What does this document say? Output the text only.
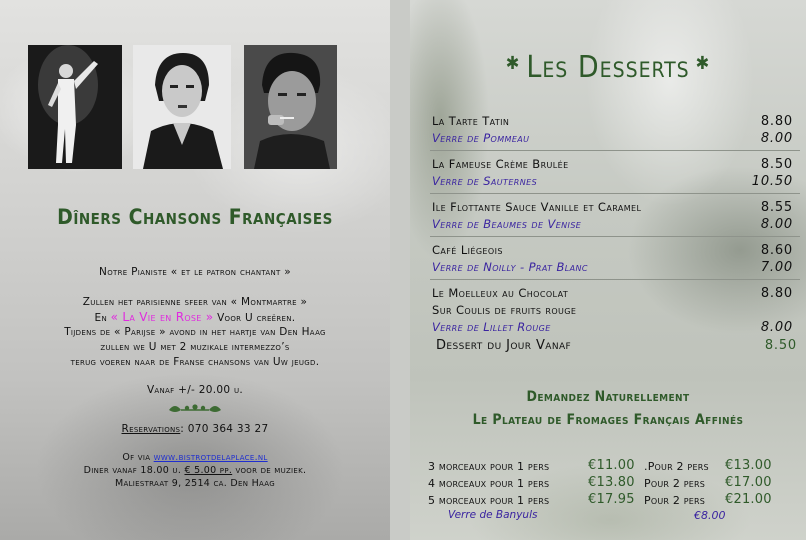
Dîners Chansons Françaises
Notre Pianiste « et le patron chantant »
Zullen het parisienne sfeer van « Montmartre »
En « La Vie en Rose » Voor U creëren.
Tijdens de « Parijse » avond in het hartje van Den Haag
zullen we U met 2 muzikale intermezzo’s
terug voeren naar de Franse chansons van Uw jeugd.
Vanaf +/- 20.00 u.
Reservations: 070 364 33 27
Of via www.bistrotdelaplace.nl
Diner vanaf 18.00 u. € 5.00 pp. voor de muziek.
Maliestraat 9, 2514 ca. Den Haag
✱ Les Desserts ✱
La Tarte Tatin	8.80
Verre de Pommeau	8.00
La Fameuse Crème Brulée	8.50
Verre de Sauternes	10.50
Ile Flottante Sauce Vanille et Caramel	8.55
Verre de Beaumes de Venise	8.00
Café Liégeois	8.60
Verre de Noilly - Prat Blanc	7.00
Le Moelleux au Chocolat	8.80
Sur Coulis de fruits rouge
Verre de Lillet Rouge	8.00
Dessert du Jour Vanaf	8.50
Demandez Naturellement
Le Plateau de Fromages Français Affinés
3 morceaux pour 1 pers	€11.00 .Pour 2 pers €13.00
4 morceaux pour 1 pers	€13.80 Pour 2 pers €17.00
5 morceaux pour 1 pers	€17.95 Pour 2 pers €21.00
Verre de Banyuls	€8.00
